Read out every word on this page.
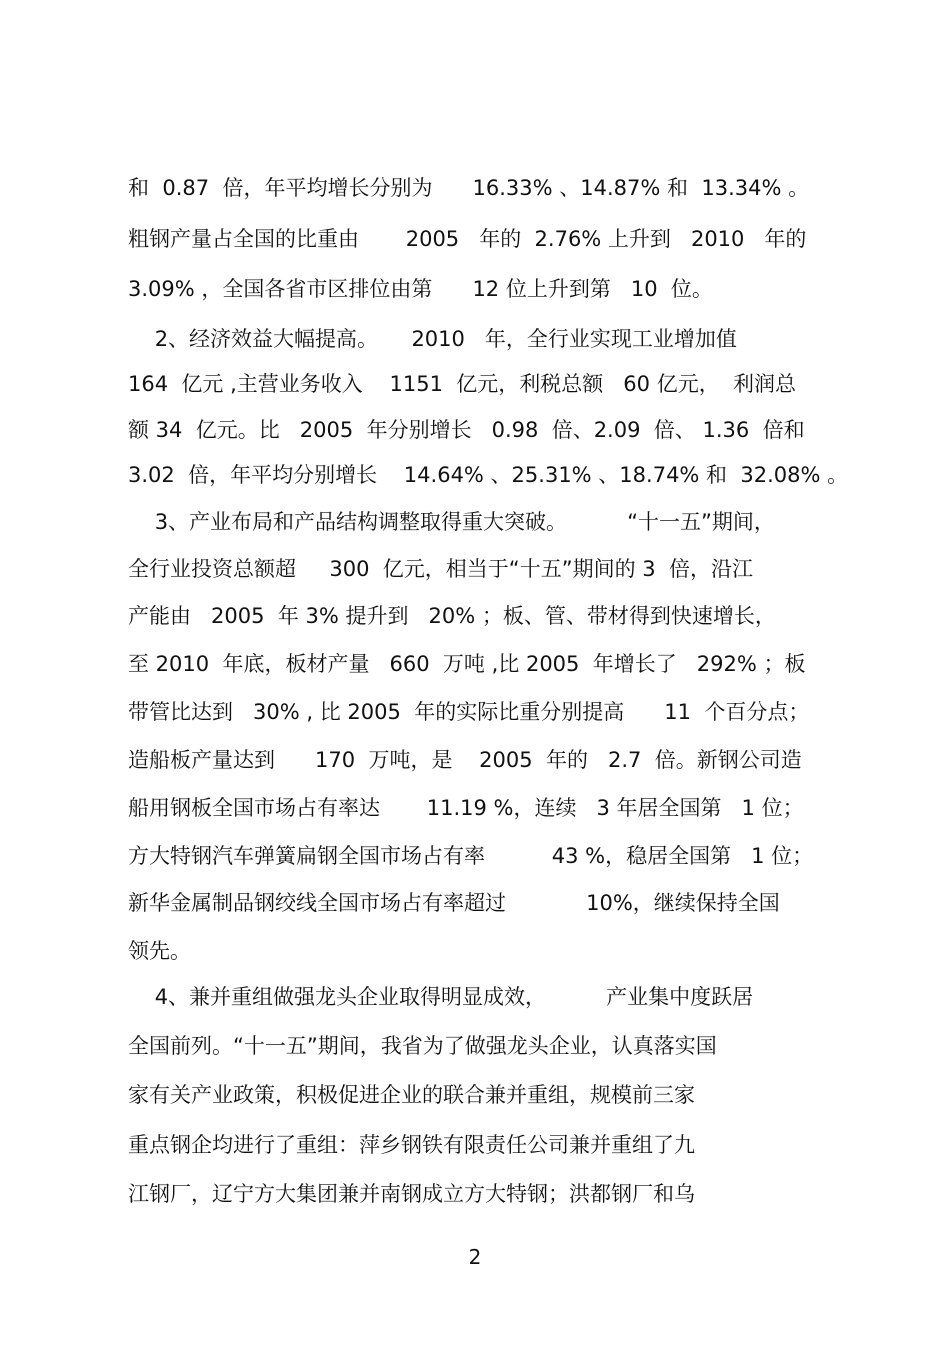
和  0.87  倍，年平均增长分别为      16.33% 、14.87% 和  13.34% 。
粗钢产量占全国的比重由       2005   年的  2.76% 上升到   2010   年的
3.09% ，全国各省市区排位由第      12 位上升到第   10  位。
2、经济效益大幅提高。     2010   年，全行业实现工业增加值
164  亿元 ,主营业务收入    1151  亿元，利税总额   60 亿元，  利润总
额 34  亿元。比   2005  年分别增长   0.98  倍、2.09  倍、 1.36  倍和
3.02  倍，年平均分别增长    14.64% 、25.31% 、18.74% 和  32.08% 。
3、产业布局和产品结构调整取得重大突破。         “十一五”期间，
全行业投资总额超     300  亿元，相当于“十五”期间的 3  倍，沿江
产能由   2005  年 3% 提升到   20% ；板、管、带材得到快速增长，
至 2010  年底，板材产量   660  万吨 ,比 2005  年增长了   292% ；板
带管比达到   30% , 比 2005  年的实际比重分别提高      11  个百分点；
造船板产量达到      170  万吨，是    2005  年的   2.7  倍。新钢公司造
船用钢板全国市场占有率达       11.19 %，连续   3 年居全国第   1 位；
方大特钢汽车弹簧扁钢全国市场占有率          43 %，稳居全国第   1 位；
新华金属制品钢绞线全国市场占有率超过            10%，继续保持全国
领先。
4、兼并重组做强龙头企业取得明显成效，         产业集中度跃居
全国前列。“十一五”期间，我省为了做强龙头企业，认真落实国
家有关产业政策，积极促进企业的联合兼并重组，规模前三家
重点钢企均进行了重组：萍乡钢铁有限责任公司兼并重组了九
江钢厂，辽宁方大集团兼并南钢成立方大特钢；洪都钢厂和乌
2
